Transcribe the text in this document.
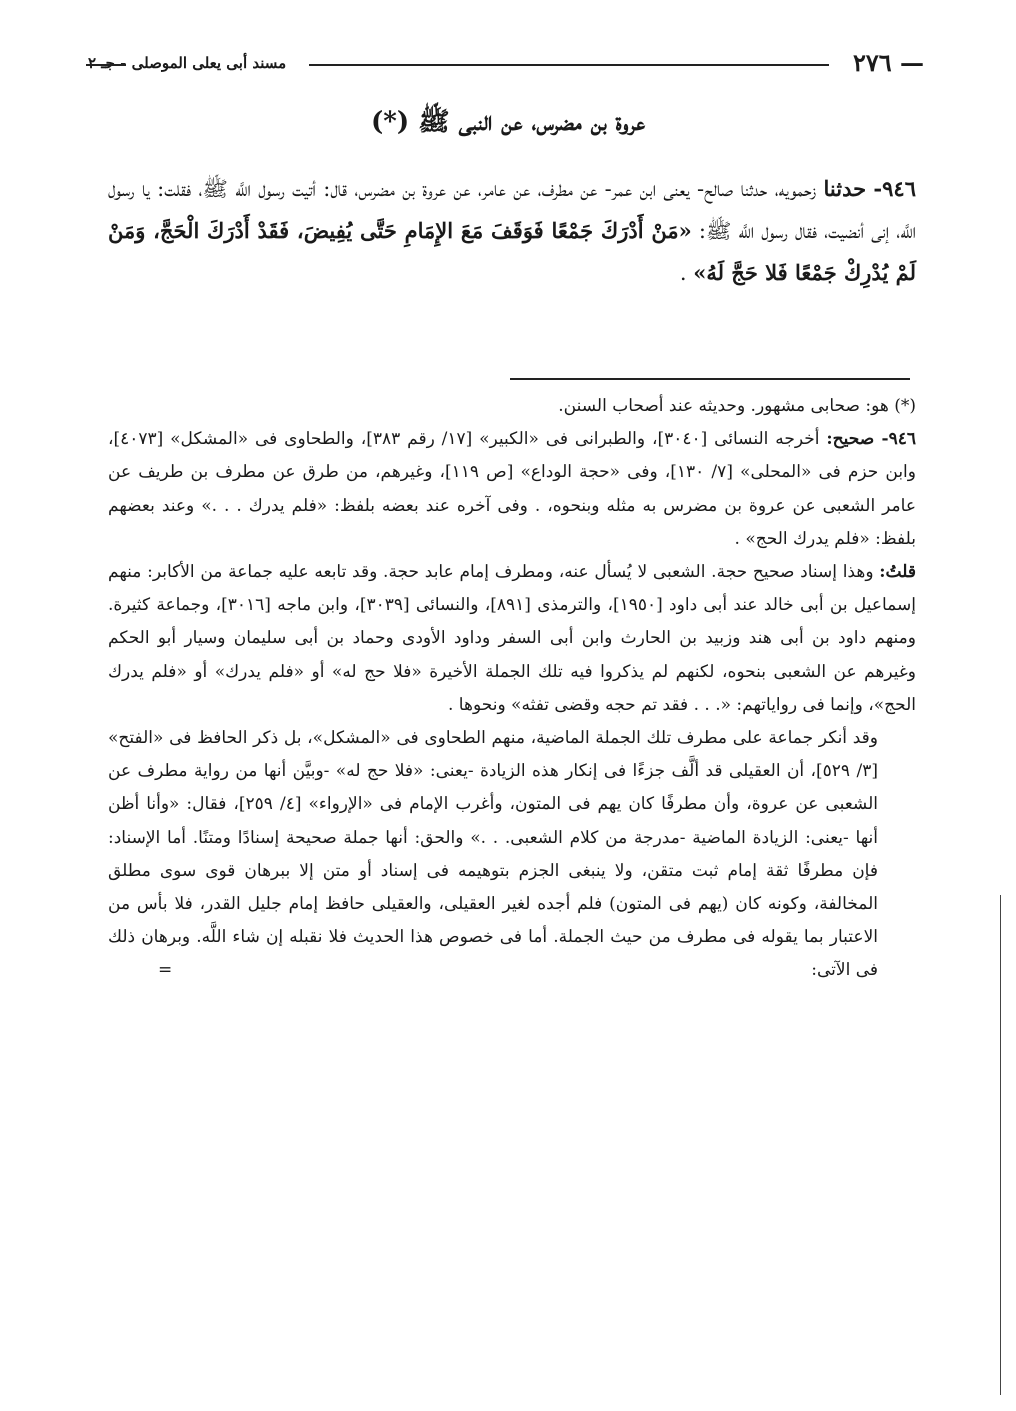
— ٢٧٦
مسند أبى يعلى الموصلى - جـ ٢
عروة بن مضرس، عن النبى ﷺ (*)
٩٤٦- حدثنا زحمويه، حدثنا صالح- يعنى ابن عمر- عن مطرف، عن عامر، عن عروة بن مضرس، قال: أتيت رسول اللَّه ﷺ، فقلت: يا رسول اللَّه، إنى أنضيت، فقال رسول اللَّه ﷺ: «مَنْ أَدْرَكَ جَمْعًا فَوَقَفَ مَعَ الإِمَامِ حَتَّى يُفِيضَ، فَقَدْ أَدْرَكَ الْحَجَّ، وَمَنْ لَمْ يُدْرِكْ جَمْعًا فَلا حَجَّ لَهُ» .

(*) هو: صحابى مشهور. وحديثه عند أصحاب السنن.

٩٤٦- صحيح: أخرجه النسائى [٣٠٤٠]، والطبرانى فى «الكبير» [١٧/ رقم ٣٨٣]، والطحاوى فى «المشكل» [٤٠٧٣]، وابن حزم فى «المحلى» [٧/ ١٣٠]، وفى «حجة الوداع» [ص ١١٩]، وغيرهم، من طرق عن مطرف بن طريف عن عامر الشعبى عن عروة بن مضرس به مثله وبنحوه، . وفى آخره عند بعضه بلفظ: «فلم يدرك . . .» وعند بعضهم بلفظ: «فلم يدرك الحج» .

قلتُ: وهذا إسناد صحيح حجة. الشعبى لا يُسأل عنه، ومطرف إمام عابد حجة. وقد تابعه عليه جماعة من الأكابر: منهم إسماعيل بن أبى خالد عند أبى داود [١٩٥٠]، والترمذى [٨٩١]، والنسائى [٣٠٣٩]، وابن ماجه [٣٠١٦]، وجماعة كثيرة. ومنهم داود بن أبى هند وزبيد بن الحارث وابن أبى السفر وداود الأودى وحماد بن أبى سليمان وسيار أبو الحكم وغيرهم عن الشعبى بنحوه، لكنهم لم يذكروا فيه تلك الجملة الأخيرة «فلا حج له» أو «فلم يدرك» أو «فلم يدرك الحج»، وإنما فى رواياتهم: «. . . فقد تم حجه وقضى تفثه» ونحوها .

وقد أنكر جماعة على مطرف تلك الجملة الماضية، منهم الطحاوى فى «المشكل»، بل ذكر الحافظ فى «الفتح» [٣/ ٥٢٩]، أن العقيلى قد ألَّف جزءًا فى إنكار هذه الزيادة -يعنى: «فلا حج له» -وبيَّن أنها من رواية مطرف عن الشعبى عن عروة، وأن مطرفًا كان يهم فى المتون، وأغرب الإمام فى «الإرواء» [٤/ ٢٥٩]، فقال: «وأنا أظن أنها -يعنى: الزيادة الماضية -مدرجة من كلام الشعبى. . .» والحق: أنها جملة صحيحة إسنادًا ومتنًا. أما الإسناد: فإن مطرفًا ثقة إمام ثبت متقن، ولا ينبغى الجزم بتوهيمه فى إسناد أو متن إلا ببرهان قوى سوى مطلق المخالفة، وكونه كان (يهم فى المتون) فلم أجده لغير العقيلى، والعقيلى حافظ إمام جليل القدر، فلا بأس من الاعتبار بما يقوله فى مطرف من حيث الجملة. أما فى خصوص هذا الحديث فلا نقبله إن شاء اللَّه. وبرهان ذلك فى الآتى:
=
